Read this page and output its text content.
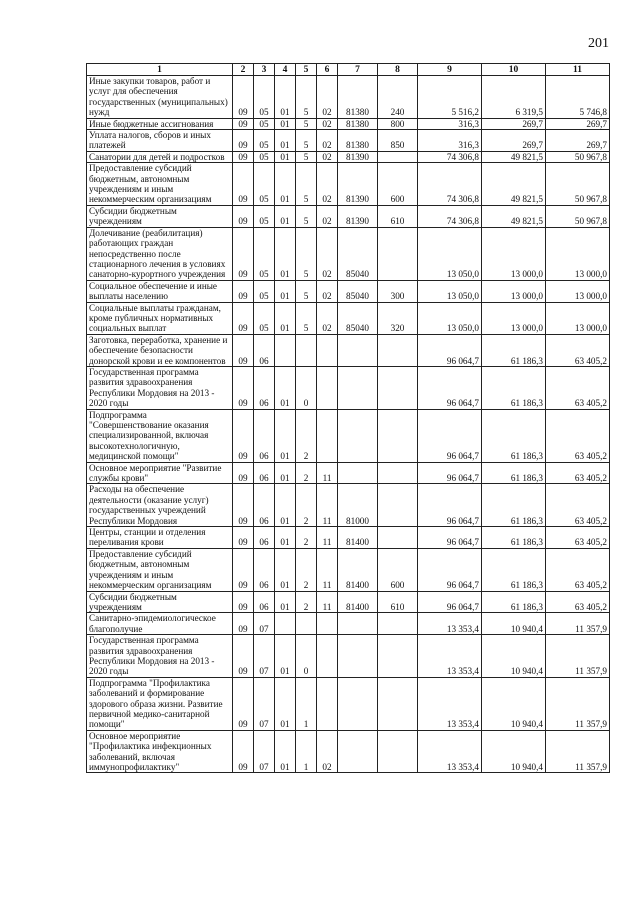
201
1	2	3	4	5	6	7	8	9	10	11
Иные закупки товаров, работ и услуг для обеспечения государственных (муниципальных) нужд	09	05	01	5	02	81380	240	5 516,2	6 319,5	5 746,8
Иные бюджетные ассигнования	09	05	01	5	02	81380	800	316,3	269,7	269,7
Уплата налогов, сборов и иных платежей	09	05	01	5	02	81380	850	316,3	269,7	269,7
Санатории для детей и подростков	09	05	01	5	02	81390		74 306,8	49 821,5	50 967,8
Предоставление субсидий бюджетным, автономным учреждениям и иным некоммерческим организациям	09	05	01	5	02	81390	600	74 306,8	49 821,5	50 967,8
Субсидии бюджетным учреждениям	09	05	01	5	02	81390	610	74 306,8	49 821,5	50 967,8
Долечивание (реабилитация) работающих граждан непосредственно после стационарного лечения в условиях санаторно-курортного учреждения	09	05	01	5	02	85040		13 050,0	13 000,0	13 000,0
Социальное обеспечение и иные выплаты населению	09	05	01	5	02	85040	300	13 050,0	13 000,0	13 000,0
Социальные выплаты гражданам, кроме публичных нормативных социальных выплат	09	05	01	5	02	85040	320	13 050,0	13 000,0	13 000,0
Заготовка, переработка, хранение и обеспечение безопасности донорской крови и ее компонентов	09	06						96 064,7	61 186,3	63 405,2
Государственная программа развития здравоохранения Республики Мордовия на 2013 - 2020 годы	09	06	01	0				96 064,7	61 186,3	63 405,2
Подпрограмма "Совершенствование оказания специализированной, включая высокотехнологичную, медицинской помощи"	09	06	01	2				96 064,7	61 186,3	63 405,2
Основное мероприятие "Развитие службы крови"	09	06	01	2	11			96 064,7	61 186,3	63 405,2
Расходы на обеспечение деятельности (оказание услуг) государственных учреждений Республики Мордовия	09	06	01	2	11	81000		96 064,7	61 186,3	63 405,2
Центры, станции и отделения переливания крови	09	06	01	2	11	81400		96 064,7	61 186,3	63 405,2
Предоставление субсидий бюджетным, автономным учреждениям и иным некоммерческим организациям	09	06	01	2	11	81400	600	96 064,7	61 186,3	63 405,2
Субсидии бюджетным учреждениям	09	06	01	2	11	81400	610	96 064,7	61 186,3	63 405,2
Санитарно-эпидемиологическое благополучие	09	07						13 353,4	10 940,4	11 357,9
Государственная программа развития здравоохранения Республики Мордовия на 2013 - 2020 годы	09	07	01	0				13 353,4	10 940,4	11 357,9
Подпрограмма "Профилактика заболеваний и формирование здорового образа жизни. Развитие первичной медико-санитарной помощи"	09	07	01	1				13 353,4	10 940,4	11 357,9
Основное мероприятие "Профилактика инфекционных заболеваний, включая иммунопрофилактику"	09	07	01	1	02			13 353,4	10 940,4	11 357,9
